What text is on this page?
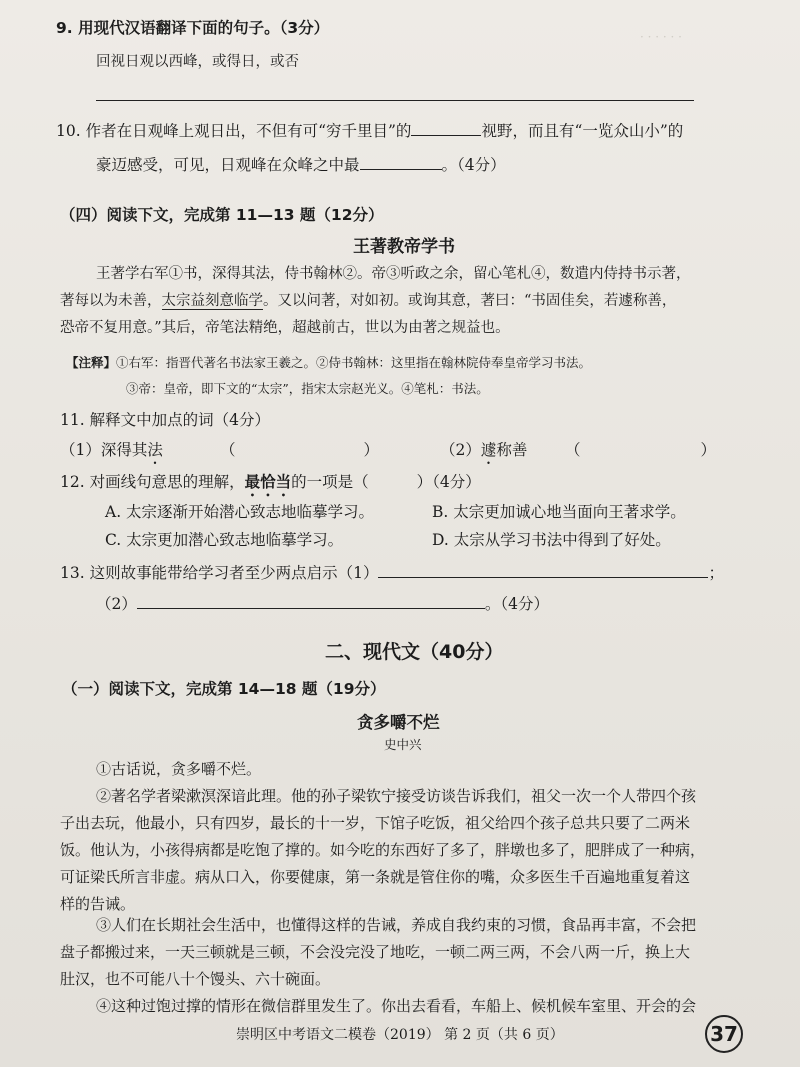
· · · · · ·
9. 用现代汉语翻译下面的句子。（3分）
回视日观以西峰，或得日，或否
10. 作者在日观峰上观日出，不但有可“穷千里目”的	视野，而且有“一览众山小”的
豪迈感受，可见，日观峰在众峰之中最	。（4分）
（四）阅读下文，完成第 11—13 题（12分）
王著教帝学书
王著学右军①书，深得其法，侍书翰林②。帝③听政之余，留心笔札④，数遣内侍持书示著，
著每以为未善，太宗益刻意临学。又以问著，对如初。或询其意，著曰：“书固佳矣，若遽称善，
恐帝不复用意。”其后，帝笔法精绝，超越前古，世以为由著之规益也。
【注释】①右军：指晋代著名书法家王羲之。②侍书翰林：这里指在翰林院侍奉皇帝学习书法。
③帝：皇帝，即下文的“太宗”，指宋太宗赵光义。④笔札：书法。
11. 解释文中加点的词（4分）
（1）深得其法	（	）	（2）遽称善 （	）
12. 对画线句意思的理解，最恰当的一项是（	）（4分）
A. 太宗逐渐开始潜心致志地临摹学习。	B. 太宗更加诚心地当面向王著求学。
C. 太宗更加潜心致志地临摹学习。	D. 太宗从学习书法中得到了好处。
13. 这则故事能带给学习者至少两点启示（1）	；
（2）	。（4分）
二、现代文（40分）
（一）阅读下文，完成第 14—18 题（19分）
贪多嚼不烂
史中兴
①古话说，贪多嚼不烂。
②著名学者梁漱溟深谙此理。他的孙子梁钦宁接受访谈告诉我们，祖父一次一个人带四个孩
子出去玩，他最小，只有四岁，最长的十一岁，下馆子吃饭，祖父给四个孩子总共只要了二两米
饭。他认为，小孩得病都是吃饱了撑的。如今吃的东西好了多了，胖墩也多了，肥胖成了一种病，
可证梁氏所言非虚。病从口入，你要健康，第一条就是管住你的嘴，众多医生千百遍地重复着这
样的告诫。
③人们在长期社会生活中，也懂得这样的告诫，养成自我约束的习惯，食品再丰富，不会把
盘子都搬过来，一天三顿就是三顿，不会没完没了地吃，一顿二两三两，不会八两一斤，换上大
肚汉，也不可能八十个馒头、六十碗面。
④这种过饱过撑的情形在微信群里发生了。你出去看看，车船上、候机候车室里、开会的会
崇明区中考语文二模卷（2019） 第 2 页（共 6 页）	37
